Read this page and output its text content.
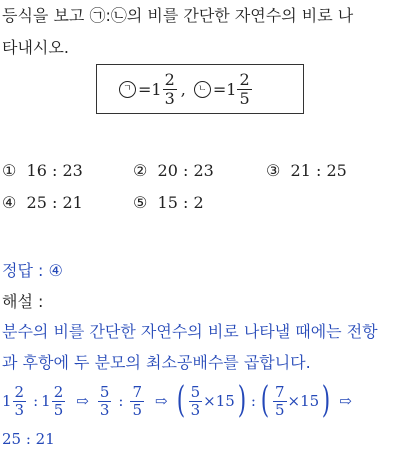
등식을 보고 ㉠:㉡의 비를 간단한 자연수의 비로 나
타내시오.
ㄱ $=1 \frac{2}{3}$ ,	ㄴ $=1 \frac{2}{5}$
① 16 : 23	② 20 : 23	③ 21 : 25
④ 25 : 21	⑤ 15 : 2
정답 : ④
해설 :
분수의 비를 간단한 자연수의 비로 나타낼 때에는 전항
과 후항에 두 분모의 최소공배수를 곱합니다.
$1 \frac{2}{3}$ : $1 \frac{2}{5}$ ⇨ $\frac{5}{3}$ : $\frac{7}{5}$ ⇨ ( $\frac{5}{3} \times 15$ ) : ( $\frac{7}{5} \times 15$ ) ⇨
25 : 21
